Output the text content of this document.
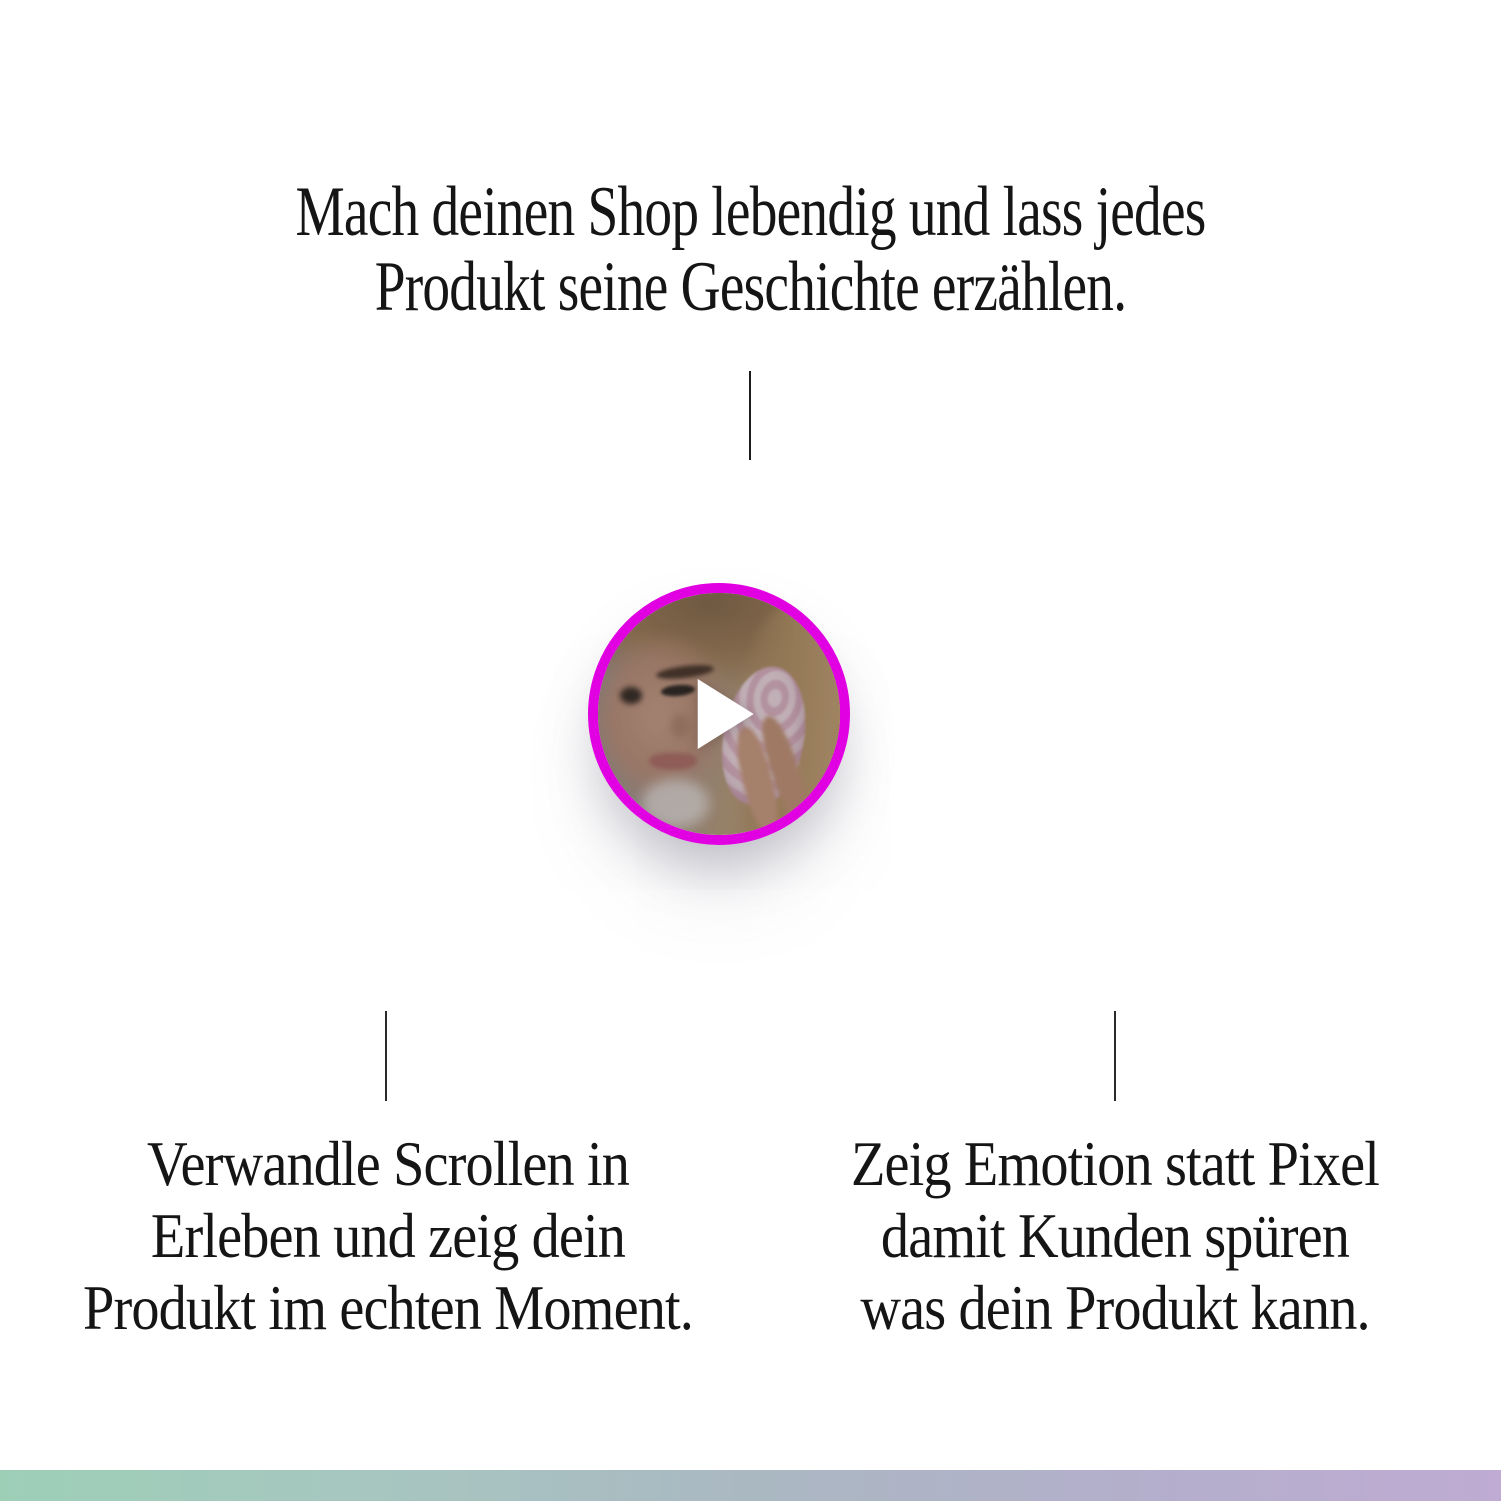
Mach deinen Shop lebendig und lass jedes
Produkt seine Geschichte erzählen.
Verwandle Scrollen in
Erleben und zeig dein
Produkt im echten Moment.
Zeig Emotion statt Pixel
damit Kunden spüren
was dein Produkt kann.
